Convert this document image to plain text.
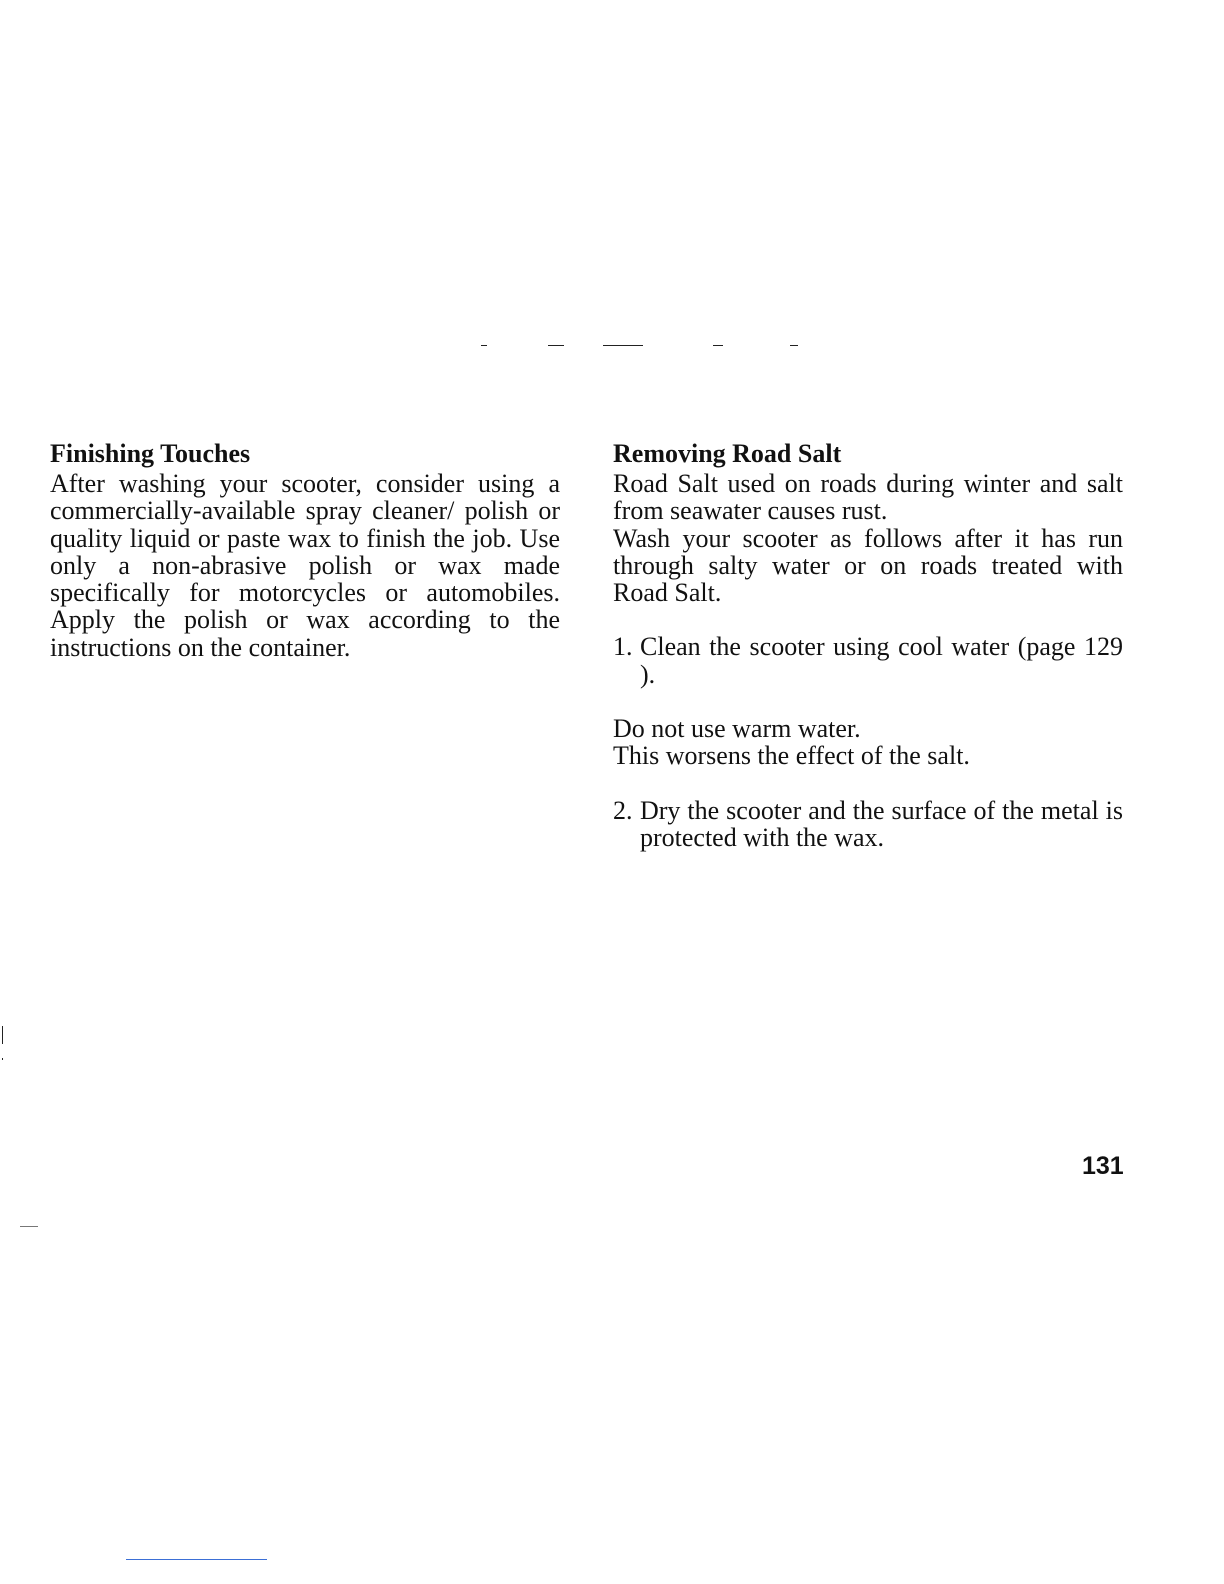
Finishing Touches

After washing your scooter, consider using a commercially-available spray cleaner/ polish or quality liquid or paste wax to finish the job. Use only a non-abrasive polish or wax made specifically for motorcycles or automobiles. Apply the polish or wax according to the instructions on the container.

Removing Road Salt

Road Salt used on roads during winter and salt from seawater causes rust.

Wash your scooter as follows after it has run through salty water or on roads treated with Road Salt.

1. Clean the scooter using cool water (page 129 ).

Do not use warm water.

This worsens the effect of the salt.

2. Dry the scooter and the surface of the metal is protected with the wax.
131
